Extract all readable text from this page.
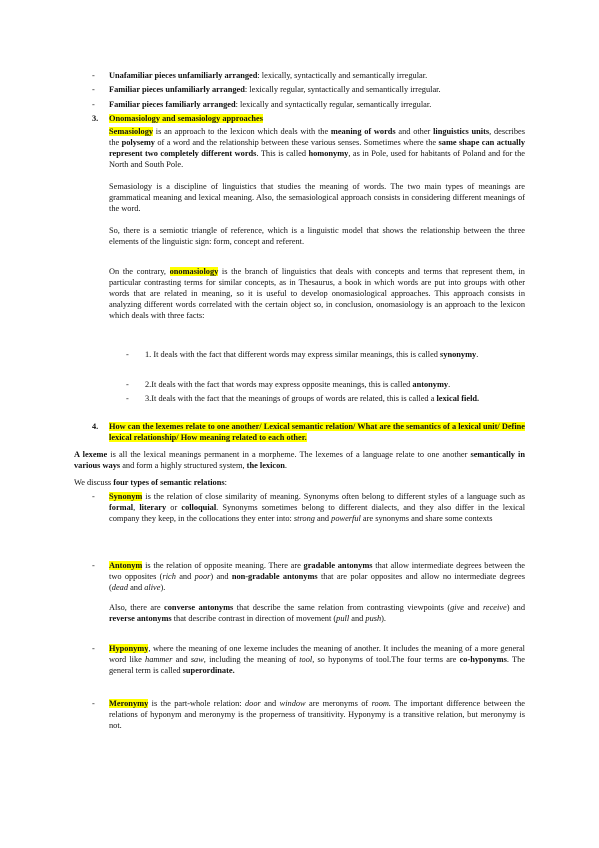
- Unafamiliar pieces unfamiliarly arranged: lexically, syntactically and semantically irregular.
- Familiar pieces unfamiliarly arranged: lexically regular, syntactically and semantically irregular.
- Familiar pieces familiarly arranged: lexically and syntactically regular, semantically irregular.
3. Onomasiology and semasiology approaches
Semasiology is an approach to the lexicon which deals with the meaning of words and other linguistics units, describes the polysemy of a word and the relationship between these various senses. Sometimes where the same shape can actually represent two completely different words. This is called homonymy, as in Pole, used for habitants of Poland and for the North and South Pole.
Semasiology is a discipline of linguistics that studies the meaning of words. The two main types of meanings are grammatical meaning and lexical meaning. Also, the semasiological approach consists in considering different meanings of the word.
So, there is a semiotic triangle of reference, which is a linguistic model that shows the relationship between the three elements of the linguistic sign: form, concept and referent.
On the contrary, onomasiology is the branch of linguistics that deals with concepts and terms that represent them, in particular contrasting terms for similar concepts, as in Thesaurus, a book in which words are put into groups with other words that are related in meaning, so it is useful to develop onomasiological approaches. This approach consists in analyzing different words correlated with the certain object so, in conclusion, onomasiology is an approach to the lexicon which deals with three facts:
- 1. It deals with the fact that different words may express similar meanings, this is called synonymy.
- 2.It deals with the fact that words may express opposite meanings, this is called antonymy.
- 3.It deals with the fact that the meanings of groups of words are related, this is called a lexical field.
4. How can the lexemes relate to one another/ Lexical semantic relation/ What are the semantics of a lexical unit/ Define lexical relationship/ How meaning related to each other.
A lexeme is all the lexical meanings permanent in a morpheme. The lexemes of a language relate to one another semantically in various ways and form a highly structured system, the lexicon.
We discuss four types of semantic relations:
- Synonym is the relation of close similarity of meaning. Synonyms often belong to different styles of a language such as formal, literary or colloquial. Synonyms sometimes belong to different dialects, and they also differ in the lexical company they keep, in the collocations they enter into: strong and powerful are synonyms and share some contexts
- Antonym is the relation of opposite meaning. There are gradable antonyms that allow intermediate degrees between the two opposites (rich and poor) and non-gradable antonyms that are polar opposites and allow no intermediate degrees (dead and alive).
Also, there are converse antonyms that describe the same relation from contrasting viewpoints (give and receive) and reverse antonyms that describe contrast in direction of movement (pull and push).
- Hyponymy, where the meaning of one lexeme includes the meaning of another. It includes the meaning of a more general word like hammer and saw, including the meaning of tool, so hyponyms of tool.The four terms are co-hyponyms. The general term is called superordinate.
- Meronymy is the part-whole relation: door and window are meronyms of room. The important difference between the relations of hyponym and meronymy is the properness of transitivity. Hyponymy is a transitive relation, but meronymy is not.
